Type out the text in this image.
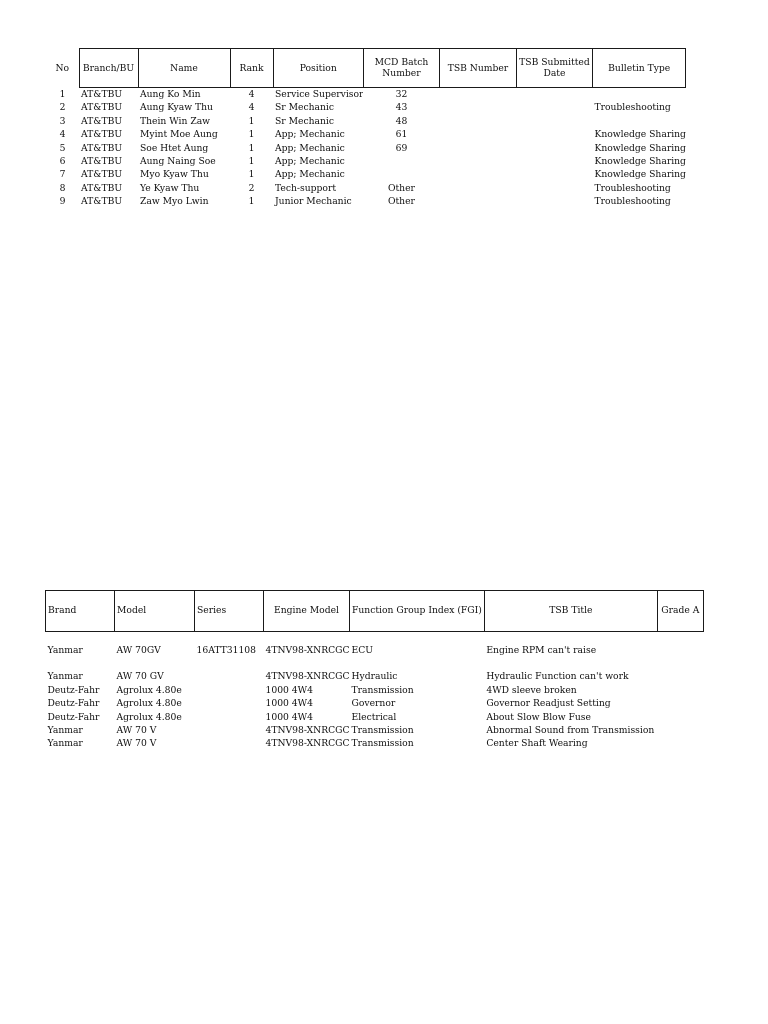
No	Branch/BU	Name	Rank	Position	MCD Batch Number	TSB Number	TSB Submitted Date	Bulletin Type
1	AT&TBU	Aung Ko Min	4	Service Supervisor	32			
2	AT&TBU	Aung Kyaw Thu	4	Sr Mechanic	43			Troubleshooting
3	AT&TBU	Thein Win Zaw	1	Sr Mechanic	48			
4	AT&TBU	Myint Moe Aung	1	App; Mechanic	61			Knowledge Sharing
5	AT&TBU	Soe Htet Aung	1	App; Mechanic	69			Knowledge Sharing
6	AT&TBU	Aung Naing Soe	1	App; Mechanic				Knowledge Sharing
7	AT&TBU	Myo Kyaw Thu	1	App; Mechanic				Knowledge Sharing
8	AT&TBU	Ye Kyaw Thu	2	Tech-support	Other			Troubleshooting
9	AT&TBU	Zaw Myo Lwin	1	Junior Mechanic	Other			Troubleshooting
Brand	Model	Series	Engine Model	Function Group Index (FGI)	TSB Title	Grade A
Yanmar	AW 70GV	16ATT31108	4TNV98-XNRCGC	ECU	Engine RPM can't raise	
Yanmar	AW 70 GV		4TNV98-XNRCGC	Hydraulic	Hydraulic Function can't work	
Deutz-Fahr	Agrolux 4.80e		1000 4W4	Transmission	4WD sleeve broken	
Deutz-Fahr	Agrolux 4.80e		1000 4W4	Governor	Governor Readjust Setting	
Deutz-Fahr	Agrolux 4.80e		1000 4W4	Electrical	About Slow Blow Fuse	
Yanmar	AW 70 V		4TNV98-XNRCGC	Transmission	Abnormal Sound from Transmission	
Yanmar	AW 70 V		4TNV98-XNRCGC	Transmission	Center Shaft Wearing	
